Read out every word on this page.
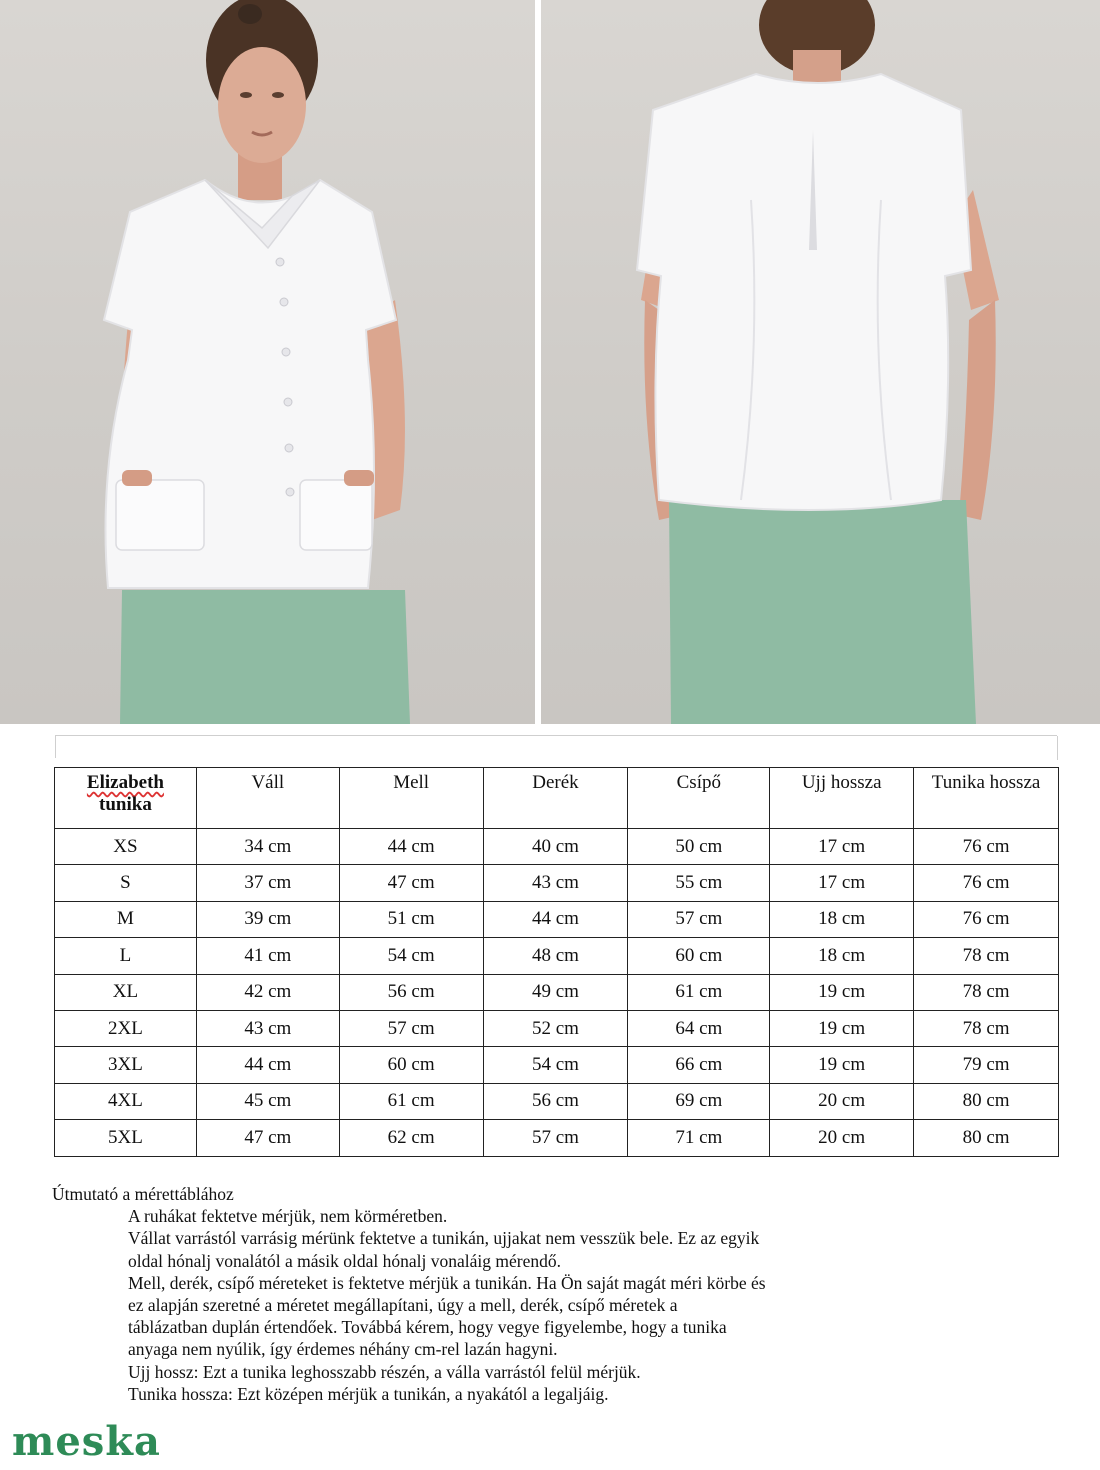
Elizabeth
tunika	Váll	Mell	Derék	Csípő	Ujj hossza	Tunika hossza
XS	34 cm	44 cm	40 cm	50 cm	17 cm	76 cm
S	37 cm	47 cm	43 cm	55 cm	17 cm	76 cm
M	39 cm	51 cm	44 cm	57 cm	18 cm	76 cm
L	41 cm	54 cm	48 cm	60 cm	18 cm	78 cm
XL	42 cm	56 cm	49 cm	61 cm	19 cm	78 cm
2XL	43 cm	57 cm	52 cm	64 cm	19 cm	78 cm
3XL	44 cm	60 cm	54 cm	66 cm	19 cm	79 cm
4XL	45 cm	61 cm	56 cm	69 cm	20 cm	80 cm
5XL	47 cm	62 cm	57 cm	71 cm	20 cm	80 cm
Útmutató a mérettáblához
A ruhákat fektetve mérjük, nem körméretben.
Vállat varrástól varrásig mérünk fektetve a tunikán, ujjakat nem vesszük bele. Ez az egyik
oldal hónalj vonalától a másik oldal hónalj vonaláig mérendő.
Mell, derék, csípő méreteket is fektetve mérjük a tunikán. Ha Ön saját magát méri körbe és
ez alapján szeretné a méretet megállapítani, úgy a mell, derék, csípő méretek a
táblázatban duplán értendőek. Továbbá kérem, hogy vegye figyelembe, hogy a tunika
anyaga nem nyúlik, így érdemes néhány cm-rel lazán hagyni.
Ujj hossz: Ezt a tunika leghosszabb részén, a vállа varrástól felül mérjük.
Tunika hossza: Ezt középen mérjük a tunikán, a nyakától a legaljáig.
meska
